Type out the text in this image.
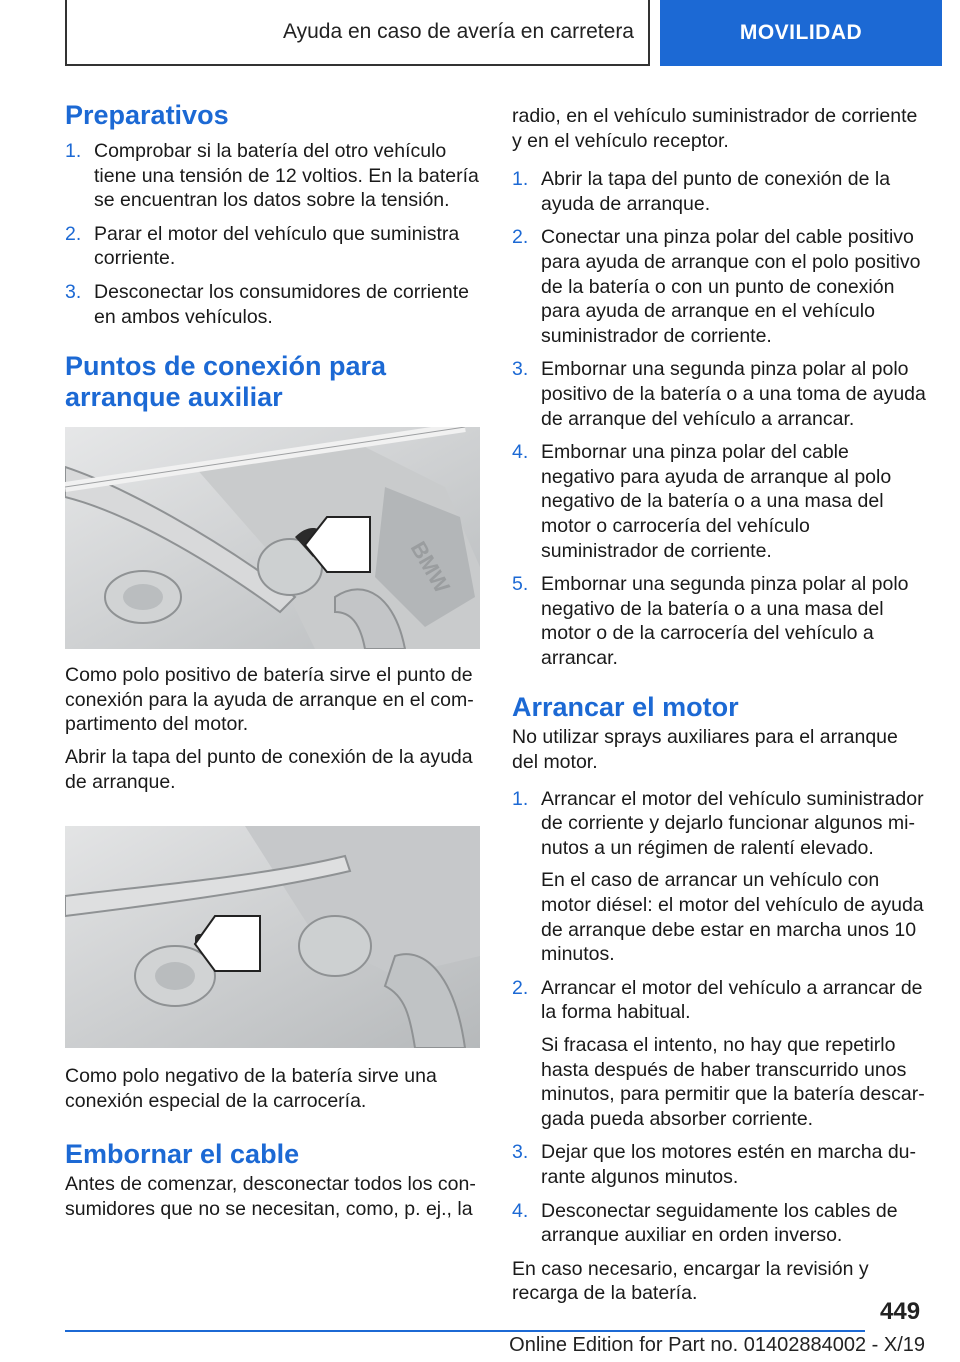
Ayuda en caso de avería en carretera	MOVILIDAD
Preparativos
1. Comprobar si la batería del otro vehículo tiene una tensión de 12 voltios. En la batería se encuentran los datos sobre la tensión.
2. Parar el motor del vehículo que suministra corriente.
3. Desconectar los consumidores de corriente en ambos vehículos.
Puntos de conexión para arranque auxiliar
BMW

Como polo positivo de batería sirve el punto de conexión para la ayuda de arranque en el compartimento del motor.

Abrir la tapa del punto de conexión de la ayuda de arranque.

Como polo negativo de la batería sirve una conexión especial de la carrocería.

Embornar el cable

Antes de comenzar, desconectar todos los consumidores que no se necesitan, como, p. ej., la

radio, en el vehículo suministrador de corriente y en el vehículo receptor.

1. Abrir la tapa del punto de conexión de la ayuda de arranque.
2. Conectar una pinza polar del cable positivo para ayuda de arranque con el polo positivo de la batería o con un punto de conexión para ayuda de arranque en el vehículo suministrador de corriente.
3. Embornar una segunda pinza polar al polo positivo de la batería o a una toma de ayuda de arranque del vehículo a arrancar.
4. Embornar una pinza polar del cable negativo para ayuda de arranque al polo negativo de la batería o a una masa del motor o carrocería del vehículo suministrador de corriente.
5. Embornar una segunda pinza polar al polo negativo de la batería o a una masa del motor o de la carrocería del vehículo a arrancar.
Arrancar el motor

No utilizar sprays auxiliares para el arranque del motor.

1. Arrancar el motor del vehículo suministrador de corriente y dejarlo funcionar algunos minutos a un régimen de ralentí elevado.

En el caso de arrancar un vehículo con motor diésel: el motor del vehículo de ayuda de arranque debe estar en marcha unos 10 minutos.

2. Arrancar el motor del vehículo a arrancar de la forma habitual.

Si fracasa el intento, no hay que repetirlo hasta después de haber transcurrido unos minutos, para permitir que la batería descargada pueda absorber corriente.

3. Dejar que los motores estén en marcha durante algunos minutos.
4. Desconectar seguidamente los cables de arranque auxiliar en orden inverso.

En caso necesario, encargar la revisión y recarga de la batería.

449
Online Edition for Part no. 01402884002 - X/19
